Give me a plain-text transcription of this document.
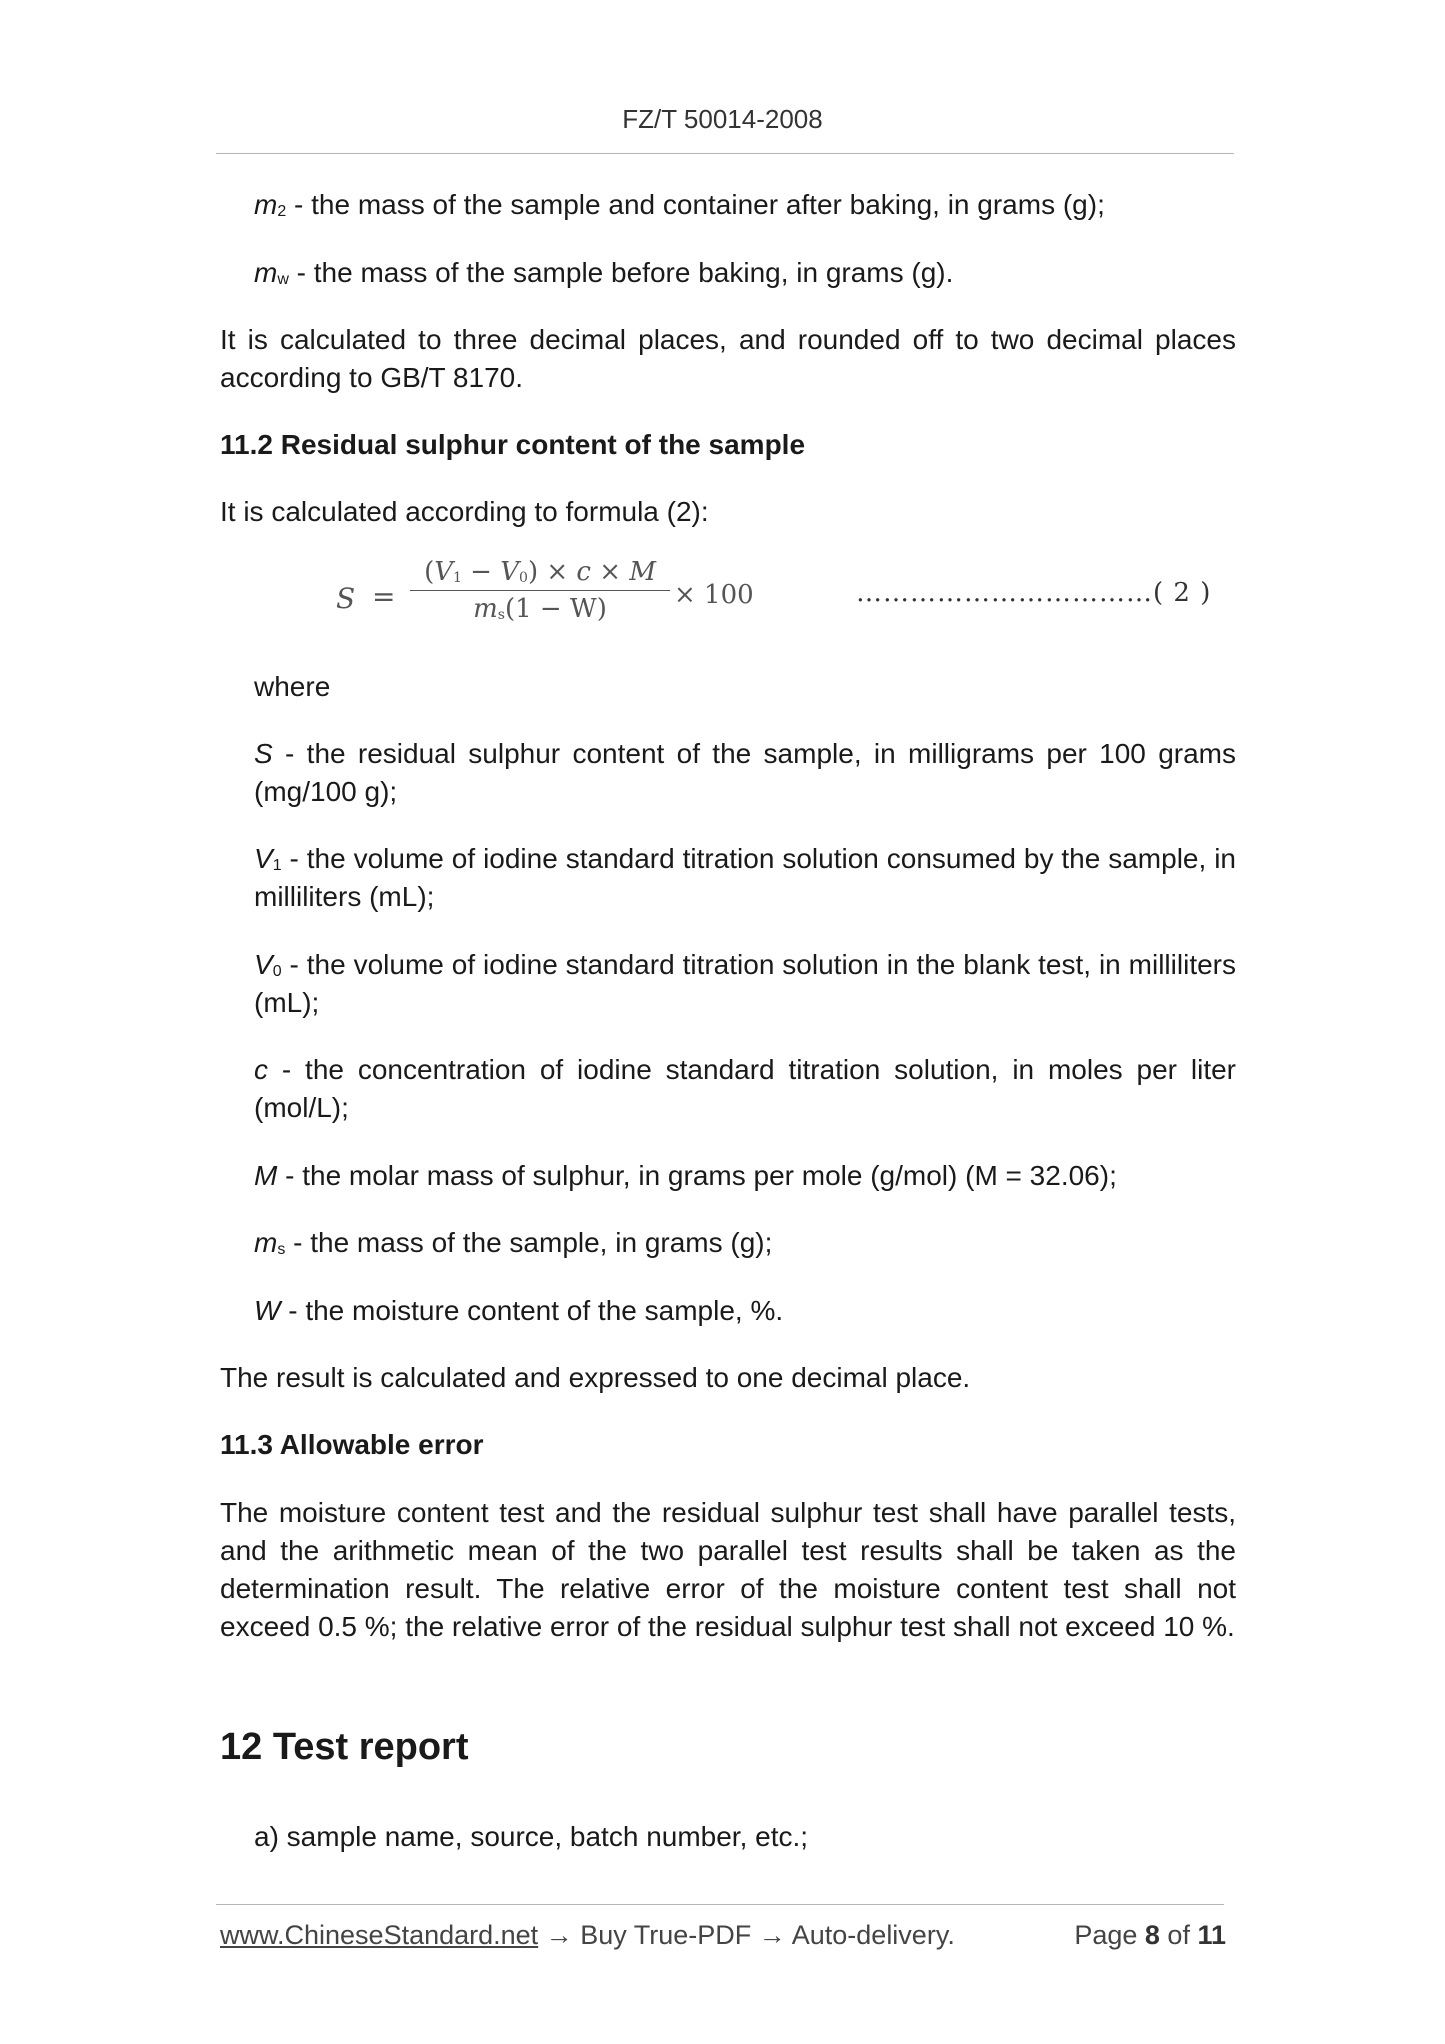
FZ/T 50014-2008

$m_2$ - the mass of the sample and container after baking, in grams (g);

$m_w$ - the mass of the sample before baking, in grams (g).

It is calculated to three decimal places, and rounded off to two decimal places according to GB/T 8170.

11.2 Residual sulphur content of the sample

It is calculated according to formula (2):

S =
$(V_1 - V_0) \times c \times M$
$m_s(1 - W)$	× 100	……………………………( 2 )

where

S - the residual sulphur content of the sample, in milligrams per 100 grams (mg/100 g);

$V_1$ - the volume of iodine standard titration solution consumed by the sample, in milliliters (mL);

$V_0$ - the volume of iodine standard titration solution in the blank test, in milliliters (mL);

c - the concentration of iodine standard titration solution, in moles per liter (mol/L);

M - the molar mass of sulphur, in grams per mole (g/mol) (M = 32.06);

$m_s$ - the mass of the sample, in grams (g);

W - the moisture content of the sample, %.

The result is calculated and expressed to one decimal place.

11.3 Allowable error

The moisture content test and the residual sulphur test shall have parallel tests, and the arithmetic mean of the two parallel test results shall be taken as the determination result. The relative error of the moisture content test shall not exceed 0.5 %; the relative error of the residual sulphur test shall not exceed 10 %.

12 Test report

a) sample name, source, batch number, etc.;

www.ChineseStandard.net → Buy True-PDF → Auto-delivery.	Page 8 of 11
